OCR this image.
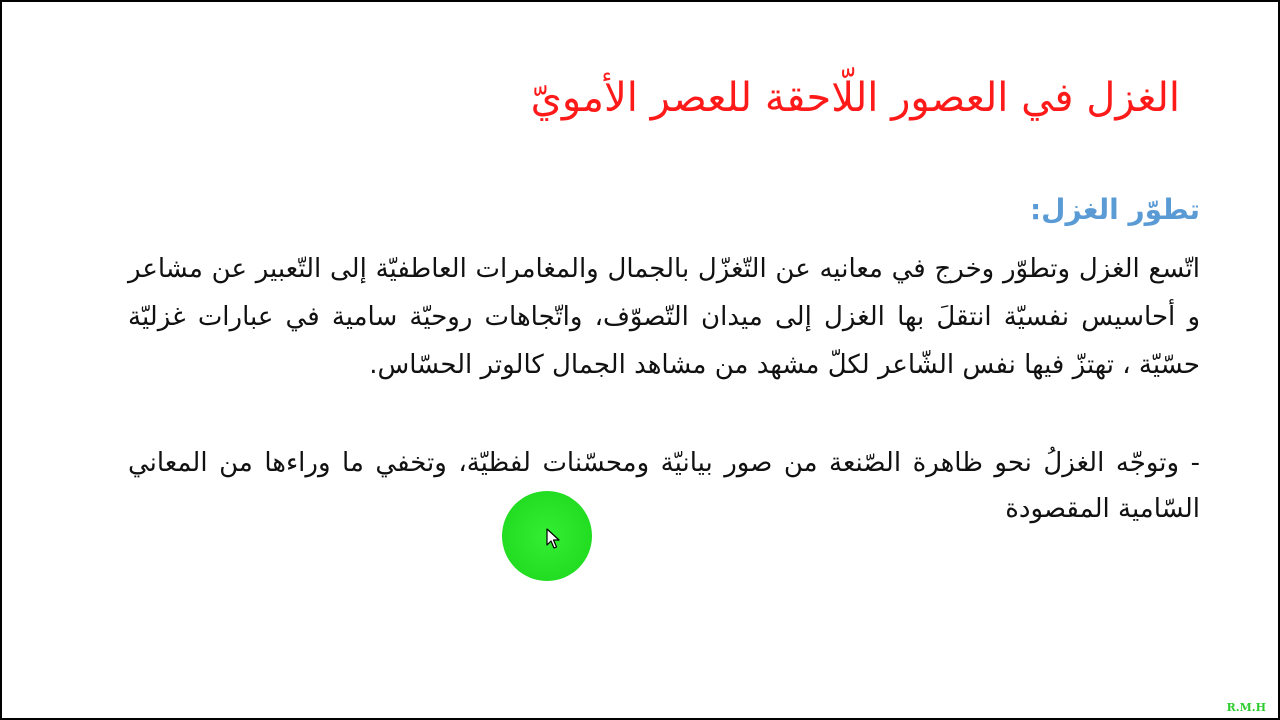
الغزل في العصور اللّاحقة للعصر الأمويّ
تطوّر الغزل:

اتّسع الغزل وتطوّر وخرج في معانيه عن التّغزّل بالجمال والمغامرات العاطفيّة إلى التّعبير عن مشاعر و أحاسيس نفسيّة انتقلَ بها الغزل إلى ميدان التّصوّف، واتّجاهات روحيّة سامية في عبارات غزليّة حسّيّة ، تهتزّ فيها نفس الشّاعر لكلّ مشهد من مشاهد الجمال كالوتر الحسّاس.

- وتوجّه الغزلُ نحو ظاهرة الصّنعة من صور بيانيّة ومحسّنات لفظيّة، وتخفي ما وراءها من المعاني السّامية المقصودة

R.M.H
